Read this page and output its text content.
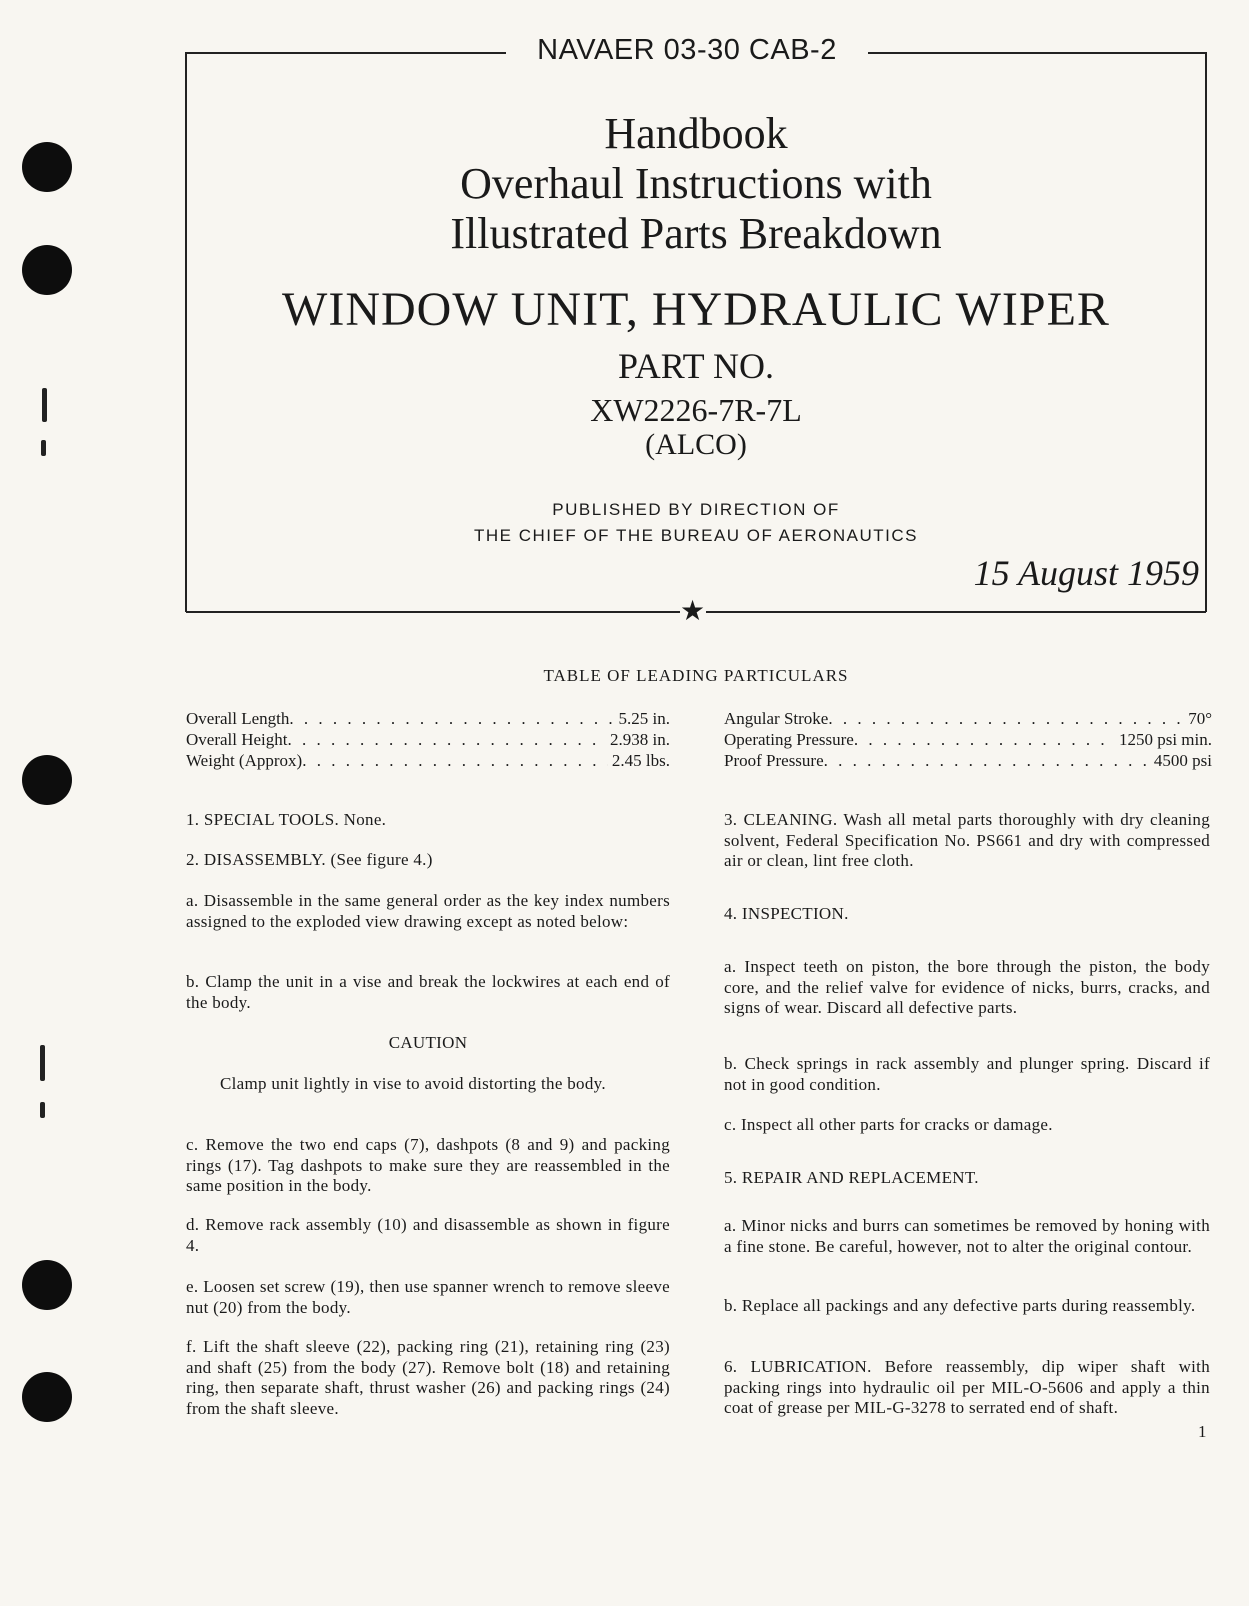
NAVAER 03-30 CAB-2
★
Handbook
Overhaul Instructions with
Illustrated Parts Breakdown
WINDOW UNIT, HYDRAULIC WIPER
PART NO.
XW2226-7R-7L
(ALCO)
PUBLISHED BY DIRECTION OF
THE CHIEF OF THE BUREAU OF AERONAUTICS
15 August 1959
TABLE OF LEADING PARTICULARS
Overall Length . . .	5.25 in.
Overall Height . . .	2.938 in.
Weight (Approx) . . .	2.45 lbs.
Angular Stroke . . .	70°
Operating Pressure . . .	1250 psi min.
Proof Pressure . . .	4500 psi
1. SPECIAL TOOLS. None.
2. DISASSEMBLY. (See figure 4.)
a. Disassemble in the same general order as the key index numbers assigned to the exploded view drawing except as noted below:
b. Clamp the unit in a vise and break the lockwires at each end of the body.
CAUTION
Clamp unit lightly in vise to avoid distorting the body.
c. Remove the two end caps (7), dashpots (8 and 9) and packing rings (17). Tag dashpots to make sure they are reassembled in the same position in the body.
d. Remove rack assembly (10) and disassemble as shown in figure 4.
e. Loosen set screw (19), then use spanner wrench to remove sleeve nut (20) from the body.
f. Lift the shaft sleeve (22), packing ring (21), retaining ring (23) and shaft (25) from the body (27). Remove bolt (18) and retaining ring, then separate shaft, thrust washer (26) and packing rings (24) from the shaft sleeve.
3. CLEANING. Wash all metal parts thoroughly with dry cleaning solvent, Federal Specification No. PS661 and dry with compressed air or clean, lint free cloth.
4. INSPECTION.
a. Inspect teeth on piston, the bore through the piston, the body core, and the relief valve for evidence of nicks, burrs, cracks, and signs of wear. Discard all defective parts.
b. Check springs in rack assembly and plunger spring. Discard if not in good condition.
c. Inspect all other parts for cracks or damage.
5. REPAIR AND REPLACEMENT.
a. Minor nicks and burrs can sometimes be removed by honing with a fine stone. Be careful, however, not to alter the original contour.
b. Replace all packings and any defective parts during reassembly.
6. LUBRICATION. Before reassembly, dip wiper shaft with packing rings into hydraulic oil per MIL-O-5606 and apply a thin coat of grease per MIL-G-3278 to serrated end of shaft.
1
